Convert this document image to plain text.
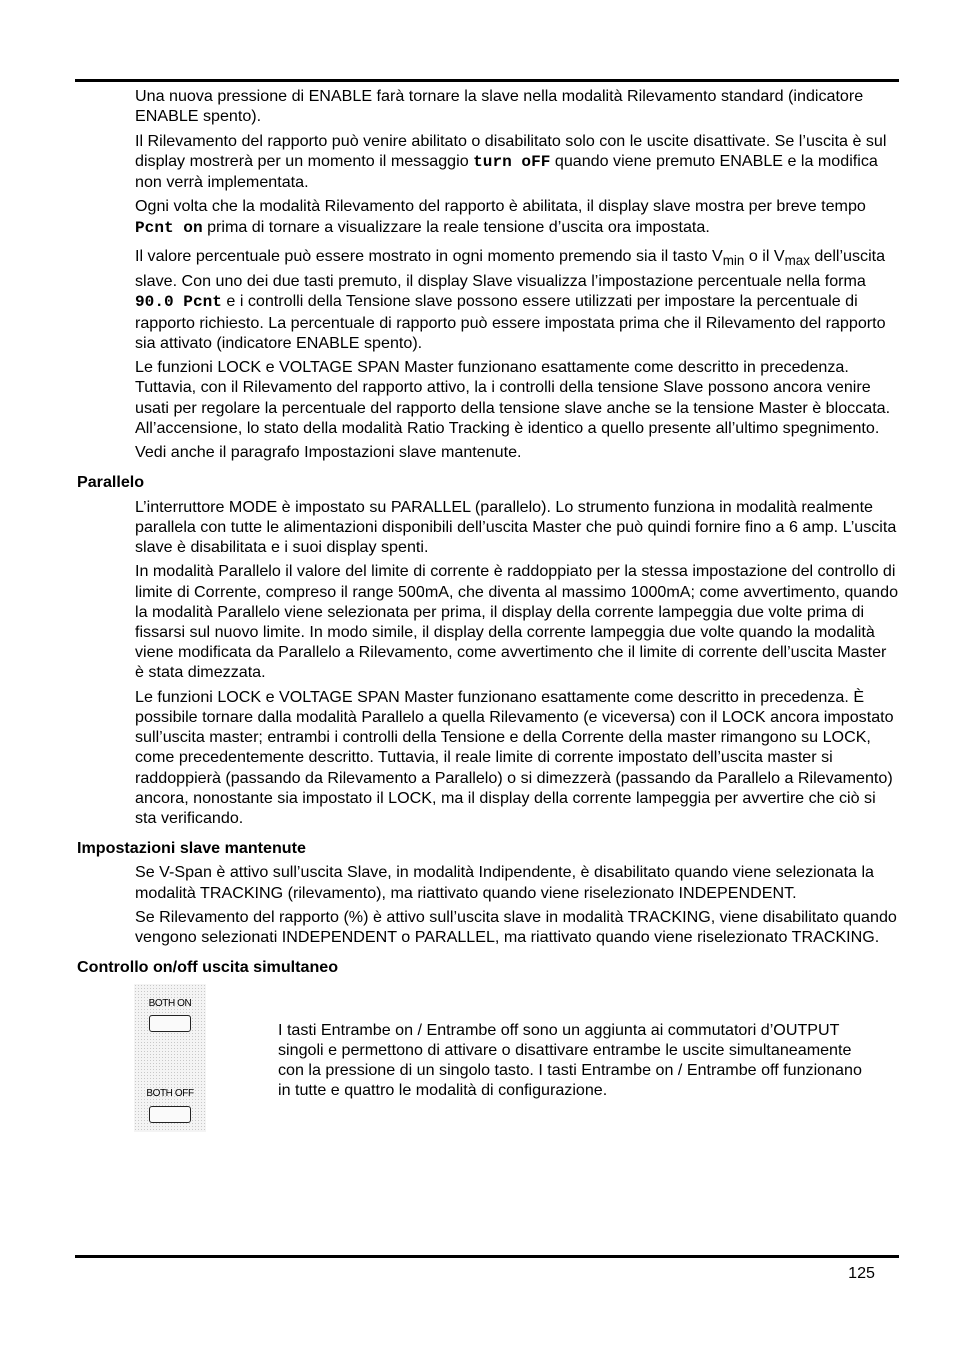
Una nuova pressione di ENABLE farà tornare la slave nella modalità Rilevamento standard (indicatore ENABLE spento).

Il Rilevamento del rapporto può venire abilitato o disabilitato solo con le uscite disattivate. Se l’uscita è sul display mostrerà per un momento il messaggio turn oFF quando viene premuto ENABLE e la modifica non verrà implementata.

Ogni volta che la modalità Rilevamento del rapporto è abilitata, il display slave mostra per breve tempo Pcnt on prima di tornare a visualizzare la reale tensione d’uscita ora impostata.

Il valore percentuale può essere mostrato in ogni momento premendo sia il tasto $V_{min}$ o il $V_{max}$ dell’uscita slave. Con uno dei due tasti premuto, il display Slave visualizza l’impostazione percentuale nella forma 90.0 Pcnt e i controlli della Tensione slave possono essere utilizzati per impostare la percentuale di rapporto richiesto. La percentuale di rapporto può essere impostata prima che il Rilevamento del rapporto sia attivato (indicatore ENABLE spento).

Le funzioni LOCK e VOLTAGE SPAN Master funzionano esattamente come descritto in precedenza. Tuttavia, con il Rilevamento del rapporto attivo, la i controlli della tensione Slave possono ancora venire usati per regolare la percentuale del rapporto della tensione slave anche se la tensione Master è bloccata. All’accensione, lo stato della modalità Ratio Tracking è identico a quello presente all’ultimo spegnimento.

Vedi anche il paragrafo Impostazioni slave mantenute.

Parallelo

L’interruttore MODE è impostato su PARALLEL (parallelo). Lo strumento funziona in modalità realmente parallela con tutte le alimentazioni disponibili dell’uscita Master che può quindi fornire fino a 6 amp. L’uscita slave è disabilitata e i suoi display spenti.

In modalità Parallelo il valore del limite di corrente è raddoppiato per la stessa impostazione del controllo di limite di Corrente, compreso il range 500mA, che diventa al massimo 1000mA; come avvertimento, quando la modalità Parallelo viene selezionata per prima, il display della corrente lampeggia due volte prima di fissarsi sul nuovo limite. In modo simile, il display della corrente lampeggia due volte quando la modalità viene modificata da Parallelo a Rilevamento, come avvertimento che il limite di corrente dell’uscita Master è stata dimezzata.

Le funzioni LOCK e VOLTAGE SPAN Master funzionano esattamente come descritto in precedenza. È possibile tornare dalla modalità Parallelo a quella Rilevamento (e viceversa) con il LOCK ancora impostato sull’uscita master; entrambi i controlli della Tensione e della Corrente della master rimangono su LOCK, come precedentemente descritto. Tuttavia, il reale limite di corrente impostato dell’uscita master si raddoppierà (passando da Rilevamento a Parallelo) o si dimezzerà (passando da Parallelo a Rilevamento) ancora, nonostante sia impostato il LOCK, ma il display della corrente lampeggia per avvertire che ciò si sta verificando.

Impostazioni slave mantenute

Se V-Span è attivo sull’uscita Slave, in modalità Indipendente, è disabilitato quando viene selezionata la modalità TRACKING (rilevamento), ma riattivato quando viene riselezionato INDEPENDENT.

Se Rilevamento del rapporto (%) è attivo sull’uscita slave in modalità TRACKING, viene disabilitato quando vengono selezionati INDEPENDENT o PARALLEL, ma riattivato quando viene riselezionato TRACKING.

Controllo on/off uscita simultaneo
BOTH ON
BOTH OFF

I tasti Entrambe on / Entrambe off sono un aggiunta ai commutatori d’OUTPUT singoli e permettono di attivare o disattivare entrambe le uscite simultaneamente con la pressione di un singolo tasto. I tasti Entrambe on / Entrambe off funzionano in tutte e quattro le modalità di configurazione.

125
